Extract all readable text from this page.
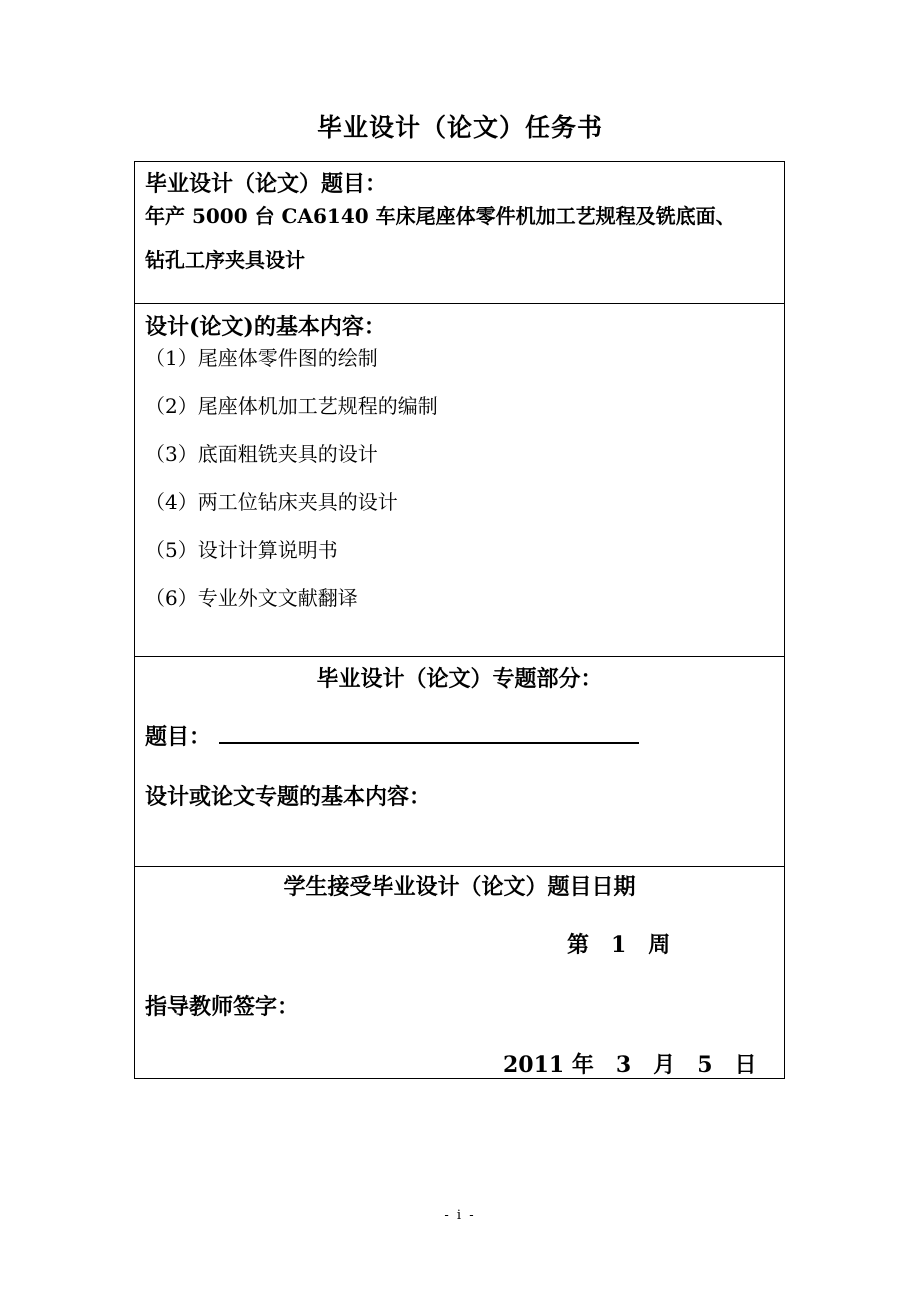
毕业设计（论文）任务书
毕业设计（论文）题目：
年产 5000 台 CA6140 车床尾座体零件机加工艺规程及铣底面、
钻孔工序夹具设计
设计(论文)的基本内容：
（1）尾座体零件图的绘制
（2）尾座体机加工艺规程的编制
（3）底面粗铣夹具的设计
（4）两工位钻床夹具的设计
（5）设计计算说明书
（6）专业外文文献翻译
毕业设计（论文）专题部分：
题目：
设计或论文专题的基本内容：
学生接受毕业设计（论文）题目日期
第　1　周
指导教师签字：
2011 年　3　月　5　日
- i -
